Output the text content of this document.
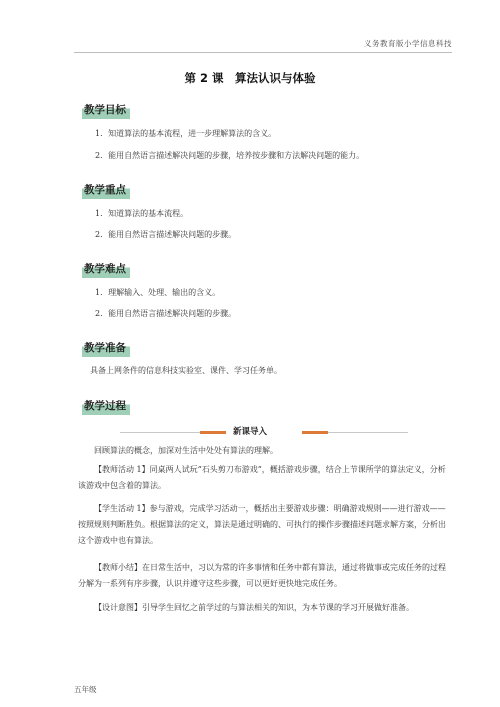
义务教育版小学信息科技
第 2 课　算法认识与体验
教学目标
1．知道算法的基本流程，进一步理解算法的含义。
2．能用自然语言描述解决问题的步骤，培养按步骤和方法解决问题的能力。
教学重点
1．知道算法的基本流程。
2．能用自然语言描述解决问题的步骤。
教学难点
1．理解输入、处理、输出的含义。
2．能用自然语言描述解决问题的步骤。
教学准备
具备上网条件的信息科技实验室、课件、学习任务单。
教学过程
新课导入
回顾算法的概念，加深对生活中处处有算法的理解。
【教师活动 1】同桌两人试玩“石头剪刀布游戏”，概括游戏步骤，结合上节课所学的算法定义，分析该游戏中包含着的算法。
【学生活动 1】参与游戏，完成学习活动一，概括出主要游戏步骤：明确游戏规则——进行游戏——按照规则判断胜负。根据算法的定义，算法是通过明确的、可执行的操作步骤描述问题求解方案，分析出这个游戏中也有算法。
【教师小结】在日常生活中，习以为常的许多事情和任务中都有算法，通过将做事或完成任务的过程分解为一系列有序步骤，认识并遵守这些步骤，可以更好更快地完成任务。
【设计意图】引导学生回忆之前学过的与算法相关的知识，为本节课的学习开展做好准备。
五年级
